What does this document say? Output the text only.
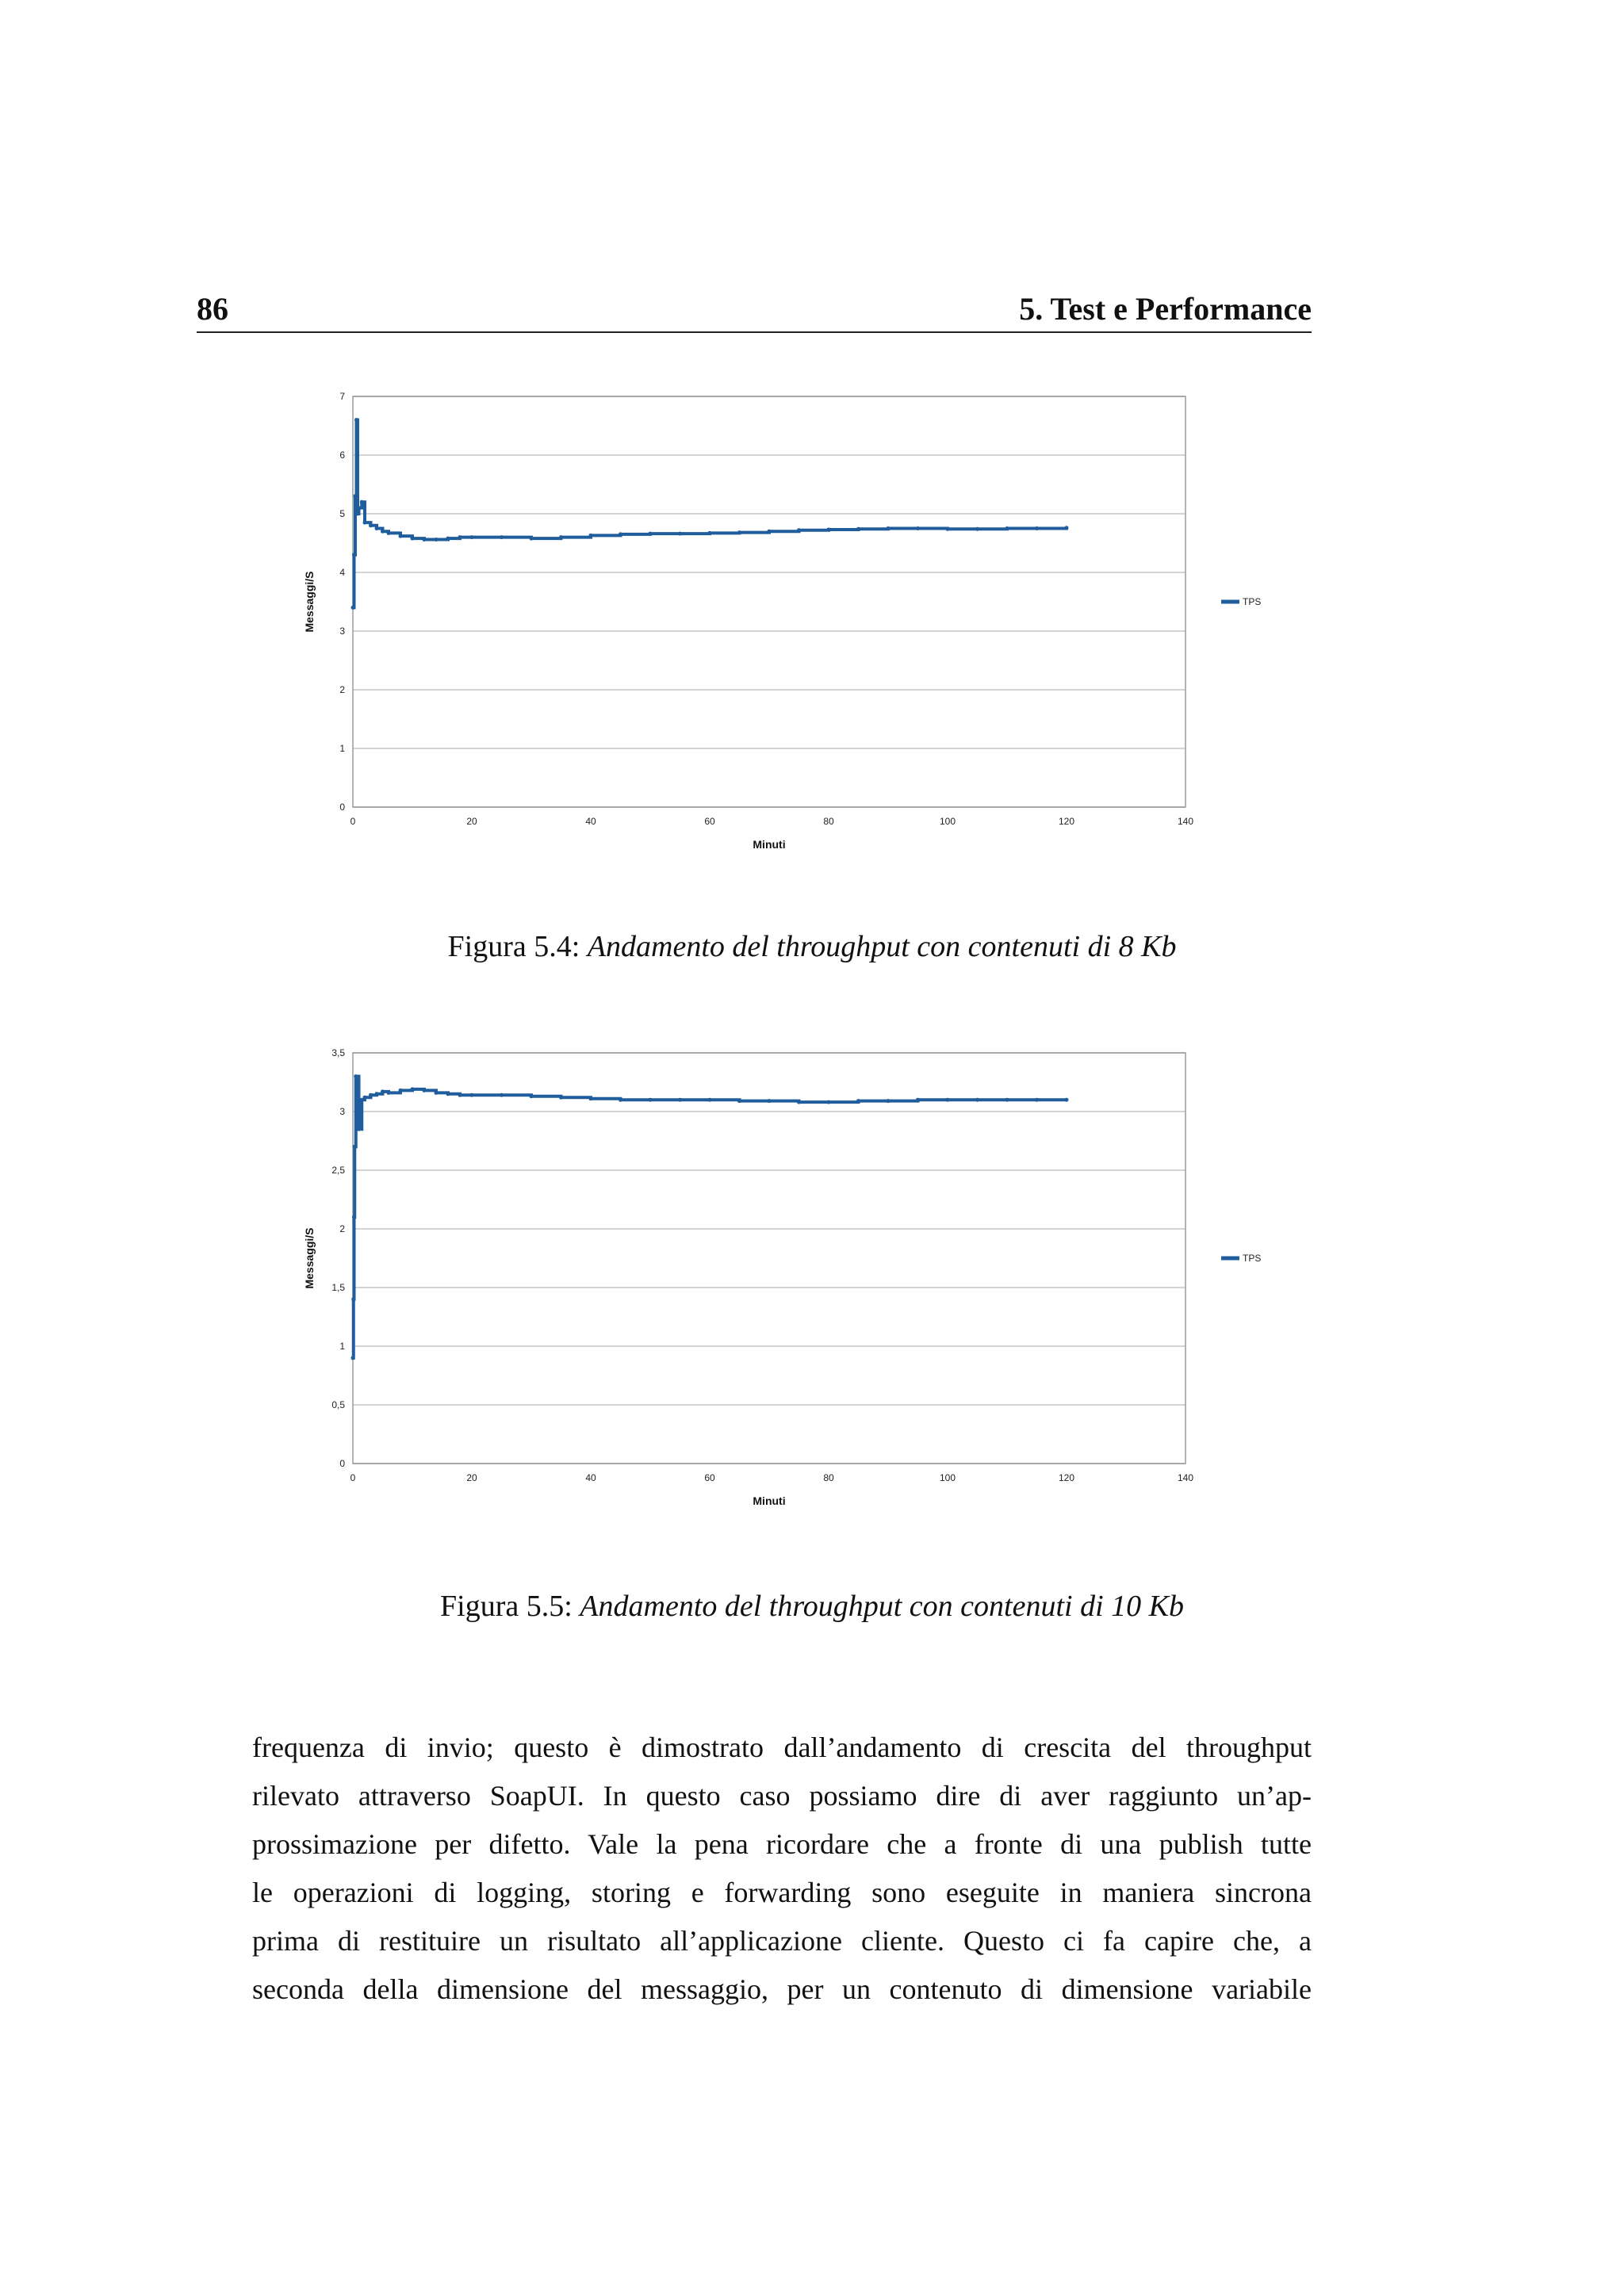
86	5. Test e Performance
0
1
2
3
4
5
6
7
0	20	40	60	80	100	120	140
Minuti
Messaggi/S	TPS
Figura 5.4: Andamento del throughput con contenuti di 8 Kb
0
0,5
1
1,5
2
2,5
3
3,5
0	20	40	60	80	100	120	140
Minuti
Messaggi/S	TPS
Figura 5.5: Andamento del throughput con contenuti di 10 Kb
frequenza di invio; questo è dimostrato dall’andamento di crescita del throughput
rilevato attraverso SoapUI. In questo caso possiamo dire di aver raggiunto un’ap-
prossimazione per difetto. Vale la pena ricordare che a fronte di una publish tutte
le operazioni di logging, storing e forwarding sono eseguite in maniera sincrona
prima di restituire un risultato all’applicazione cliente. Questo ci fa capire che, a
seconda della dimensione del messaggio, per un contenuto di dimensione variabile
